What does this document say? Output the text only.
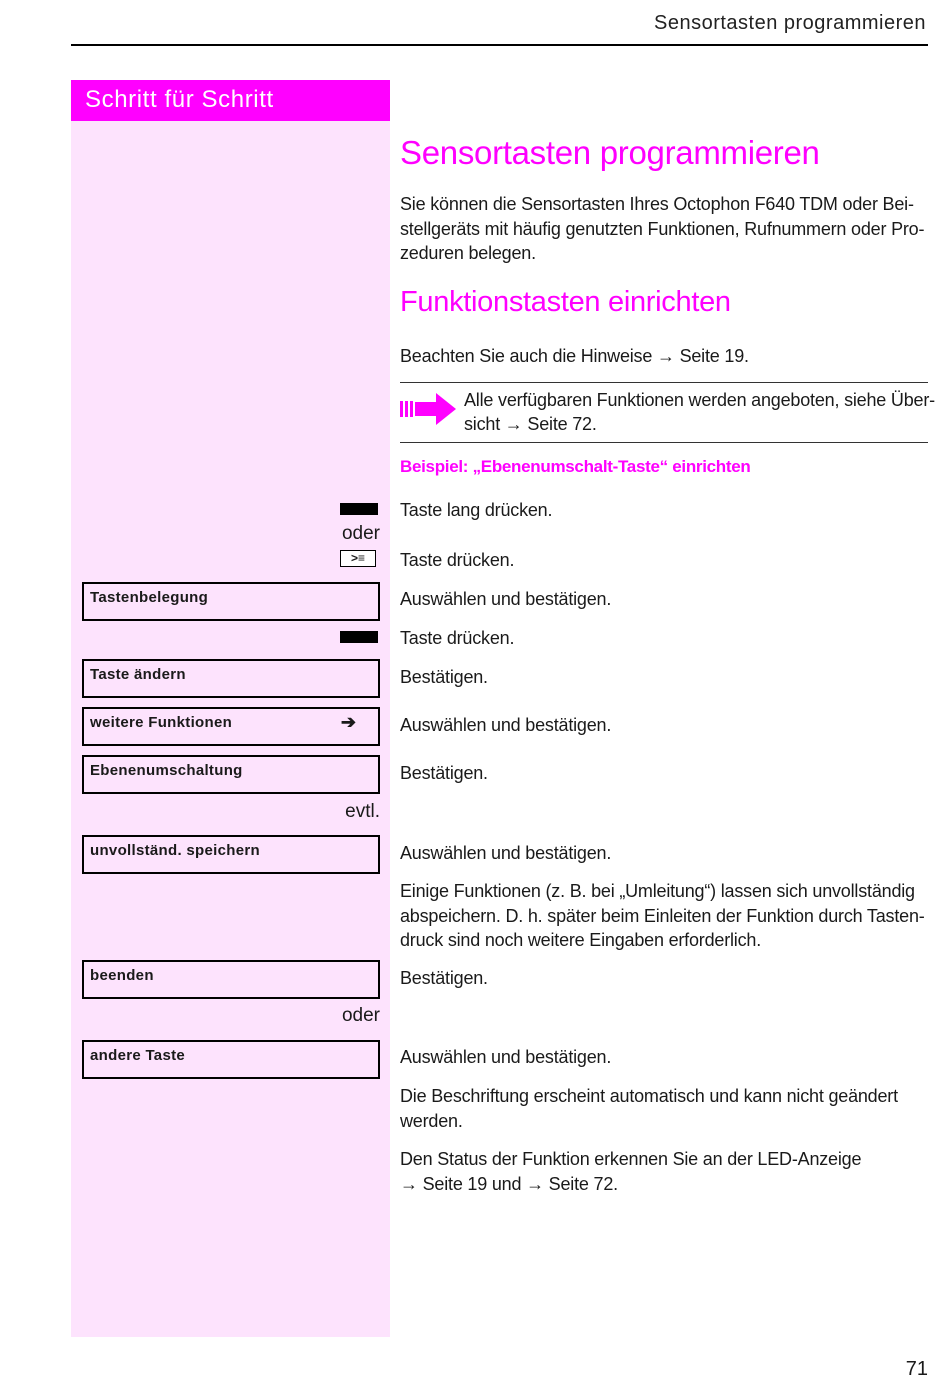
Sensortasten programmieren
Schritt für Schritt
oder
>≡
Tastenbelegung
Taste ändern
weitere Funktionen	➔
Ebenenumschaltung
evtl.
unvollständ. speichern
beenden
oder
andere Taste
Sensortasten programmieren
Sie können die Sensortasten Ihres Octophon F640 TDM oder Bei-
stellgeräts mit häufig genutzten Funktionen, Rufnummern oder Pro-
zeduren belegen.
Funktionstasten einrichten
Beachten Sie auch die Hinweise → Seite 19.
Alle verfügbaren Funktionen werden angeboten, siehe Über-
sicht → Seite 72.
Beispiel: „Ebenenumschalt-Taste“ einrichten
Taste lang drücken.
Taste drücken.
Auswählen und bestätigen.
Taste drücken.
Bestätigen.
Auswählen und bestätigen.
Bestätigen.
Auswählen und bestätigen.
Einige Funktionen (z. B. bei „Umleitung“) lassen sich unvollständig
abspeichern. D. h. später beim Einleiten der Funktion durch Tasten-
druck sind noch weitere Eingaben erforderlich.
Bestätigen.
Auswählen und bestätigen.
Die Beschriftung erscheint automatisch und kann nicht geändert
werden.
Den Status der Funktion erkennen Sie an der LED-Anzeige
→ Seite 19 und → Seite 72.
71
